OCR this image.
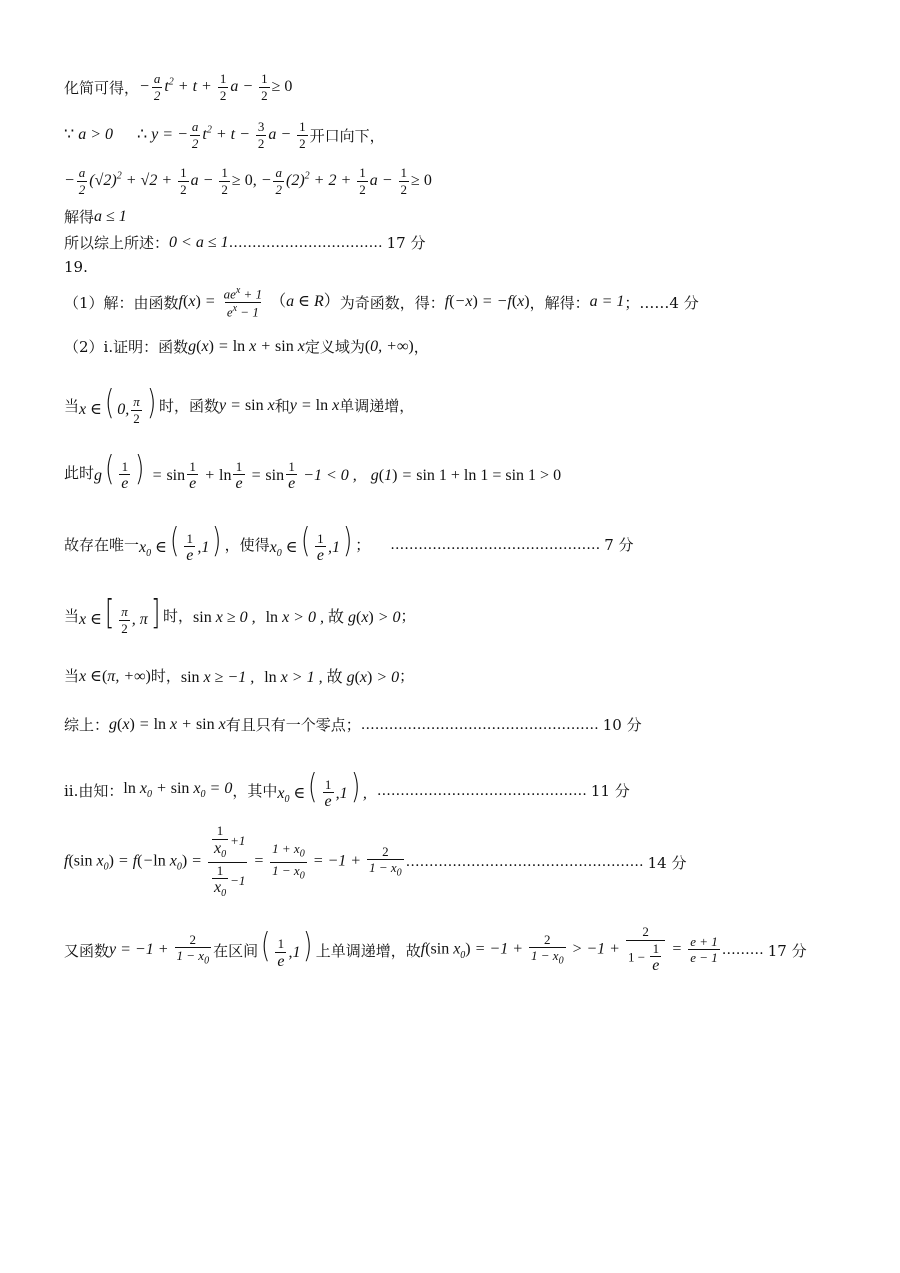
化简可得， − $\frac{a}{2} t^2 + t + \frac{1}{2}$ $a - \frac{1}{2} \ge 0$
∵ a > 0 ∴ y = − $\frac{a}{2} t^2 + t - \frac{3}{2}$ $a - \frac{1}{2}$ 开口向下，
− $\frac{a}{2} (√2)^2 + √2 + \frac{1}{2}$ $a - \frac{1}{2} \ge 0$, − $\frac{a}{2} (2)^2 + 2 + \frac{1}{2}$ $a - \frac{1}{2} \ge 0$
解得 a ≤ 1
所以综上所述： 0 < a ≤ 1 …………………………… 17 分
19.
（1）解：由函数 $f(x) = \frac{ae^x + 1}{e^x - 1} (a$ ∈ R） 为奇函数，得： f(−x) = −f(x) ，解得： a = 1 ；……4 分
（2）i.证明：函数 g(x) = ln x + sin x 定义域为 (0, +∞) ，
当 x ∈( 0, $\frac{\pi}{2}$ ) 时，函数 y = sin x 和 y = ln x 单调递增，
此时 $g( \frac{1}{e}$ ) = $\sin \frac{1}{e} + \ln \frac{1}{e} = \sin \frac{1}{e} -1 < 0$ , g(1) = sin 1 + ln 1 = sin 1 > 0
故存在唯一 $x_0$ ∈( $\frac{1}{e} ,1$) ，使得 $x_0$ ∈( $\frac{1}{e} ,1$) ； ……………………………………… 7 分
当 x ∈[ $\frac{\pi}{2}$ , π] 时， sin x ≥ 0 , ln x > 0 , 故 g(x) > 0 ；
当 x ∈(π, +∞) 时， sin x ≥ −1 , ln x > 1 , 故 g(x) > 0 ；
综上： g(x) = ln x + sin x 有且只有一个零点； …………………………………………… 10 分
ii.由知： $\ln x_0 + \sin x_0 = 0$ ，其中 $x_0$ ∈( $\frac{1}{e} ,1$) , ……………………………………… 11 分
f(sin $x_0) = f(-\ln$ $x_0) = \frac{\frac{1}{x_0} +1}{\frac{1}{x_0} -1} = \frac{1 + x_0}{1 - x_0} = -1 + \frac{2}{1 - x_0}$ …………………………………………… 14 分
又函数 $y = -1 + \frac{2}{1 - x_0}$ 在区间 ( $\frac{1}{e} ,1$) 上单调递增，故 f(sin $x_0) = -1 + \frac{2}{1 - x_0} > -1 + \frac{2}{1 - \frac{1}{e}} = \frac{e + 1}{e - 1}$ ……… 17 分
